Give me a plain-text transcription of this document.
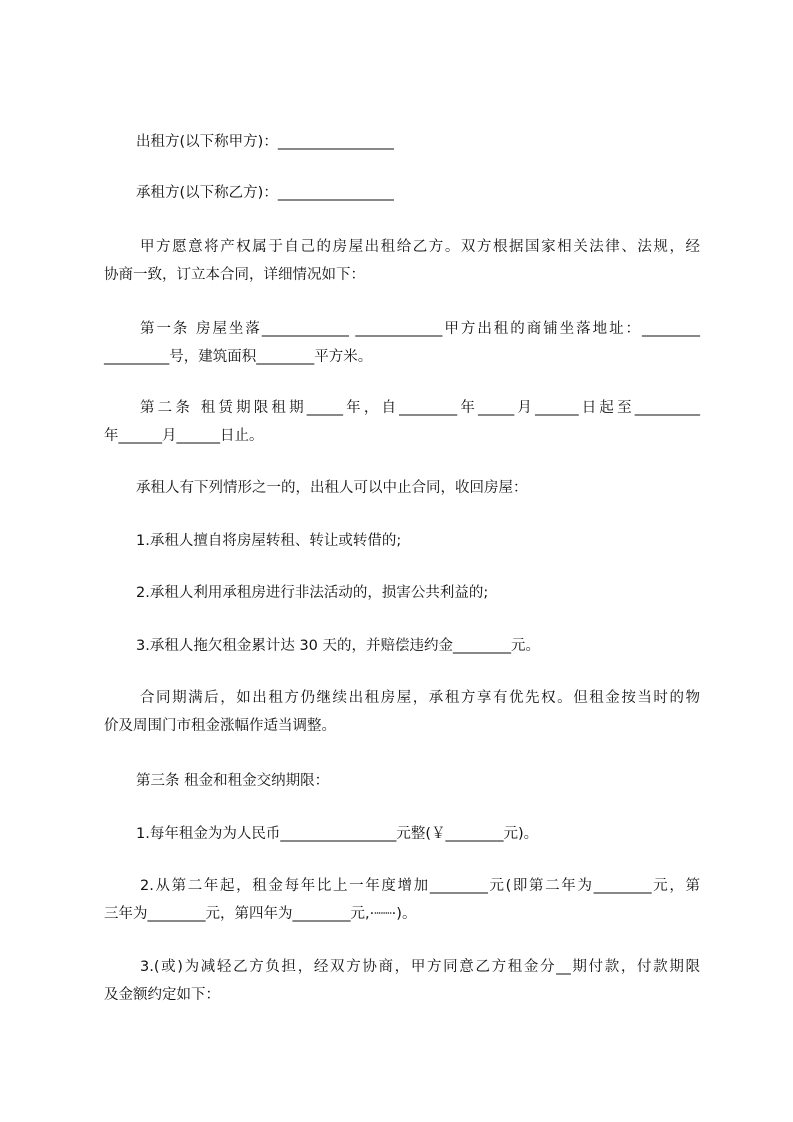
出租方(以下称甲方)：________________
承租方(以下称乙方)：________________
甲方愿意将产权属于自己的房屋出租给乙方。双方根据国家相关法律、法规，经
协商一致，订立本合同，详细情况如下：
第一条 房屋坐落____________ ____________甲方出租的商铺坐落地址：________
_________号，建筑面积________平方米。
第二条 租赁期限租期_____年，自________年_____月______日起至_________
年______月______日止。
承租人有下列情形之一的，出租人可以中止合同，收回房屋：
1.承租人擅自将房屋转租、转让或转借的;
2.承租人利用承租房进行非法活动的，损害公共利益的;
3.承租人拖欠租金累计达 30 天的，并赔偿违约金________元。
合同期满后，如出租方仍继续出租房屋，承租方享有优先权。但租金按当时的物
价及周围门市租金涨幅作适当调整。
第三条 租金和租金交纳期限：
1.每年租金为为人民币________________元整(￥________元)。
2.从第二年起，租金每年比上一年度增加________元(即第二年为________元，第
三年为________元，第四年为________元,·┈┈·)。
3.(或)为减轻乙方负担，经双方协商，甲方同意乙方租金分__期付款，付款期限
及金额约定如下：
